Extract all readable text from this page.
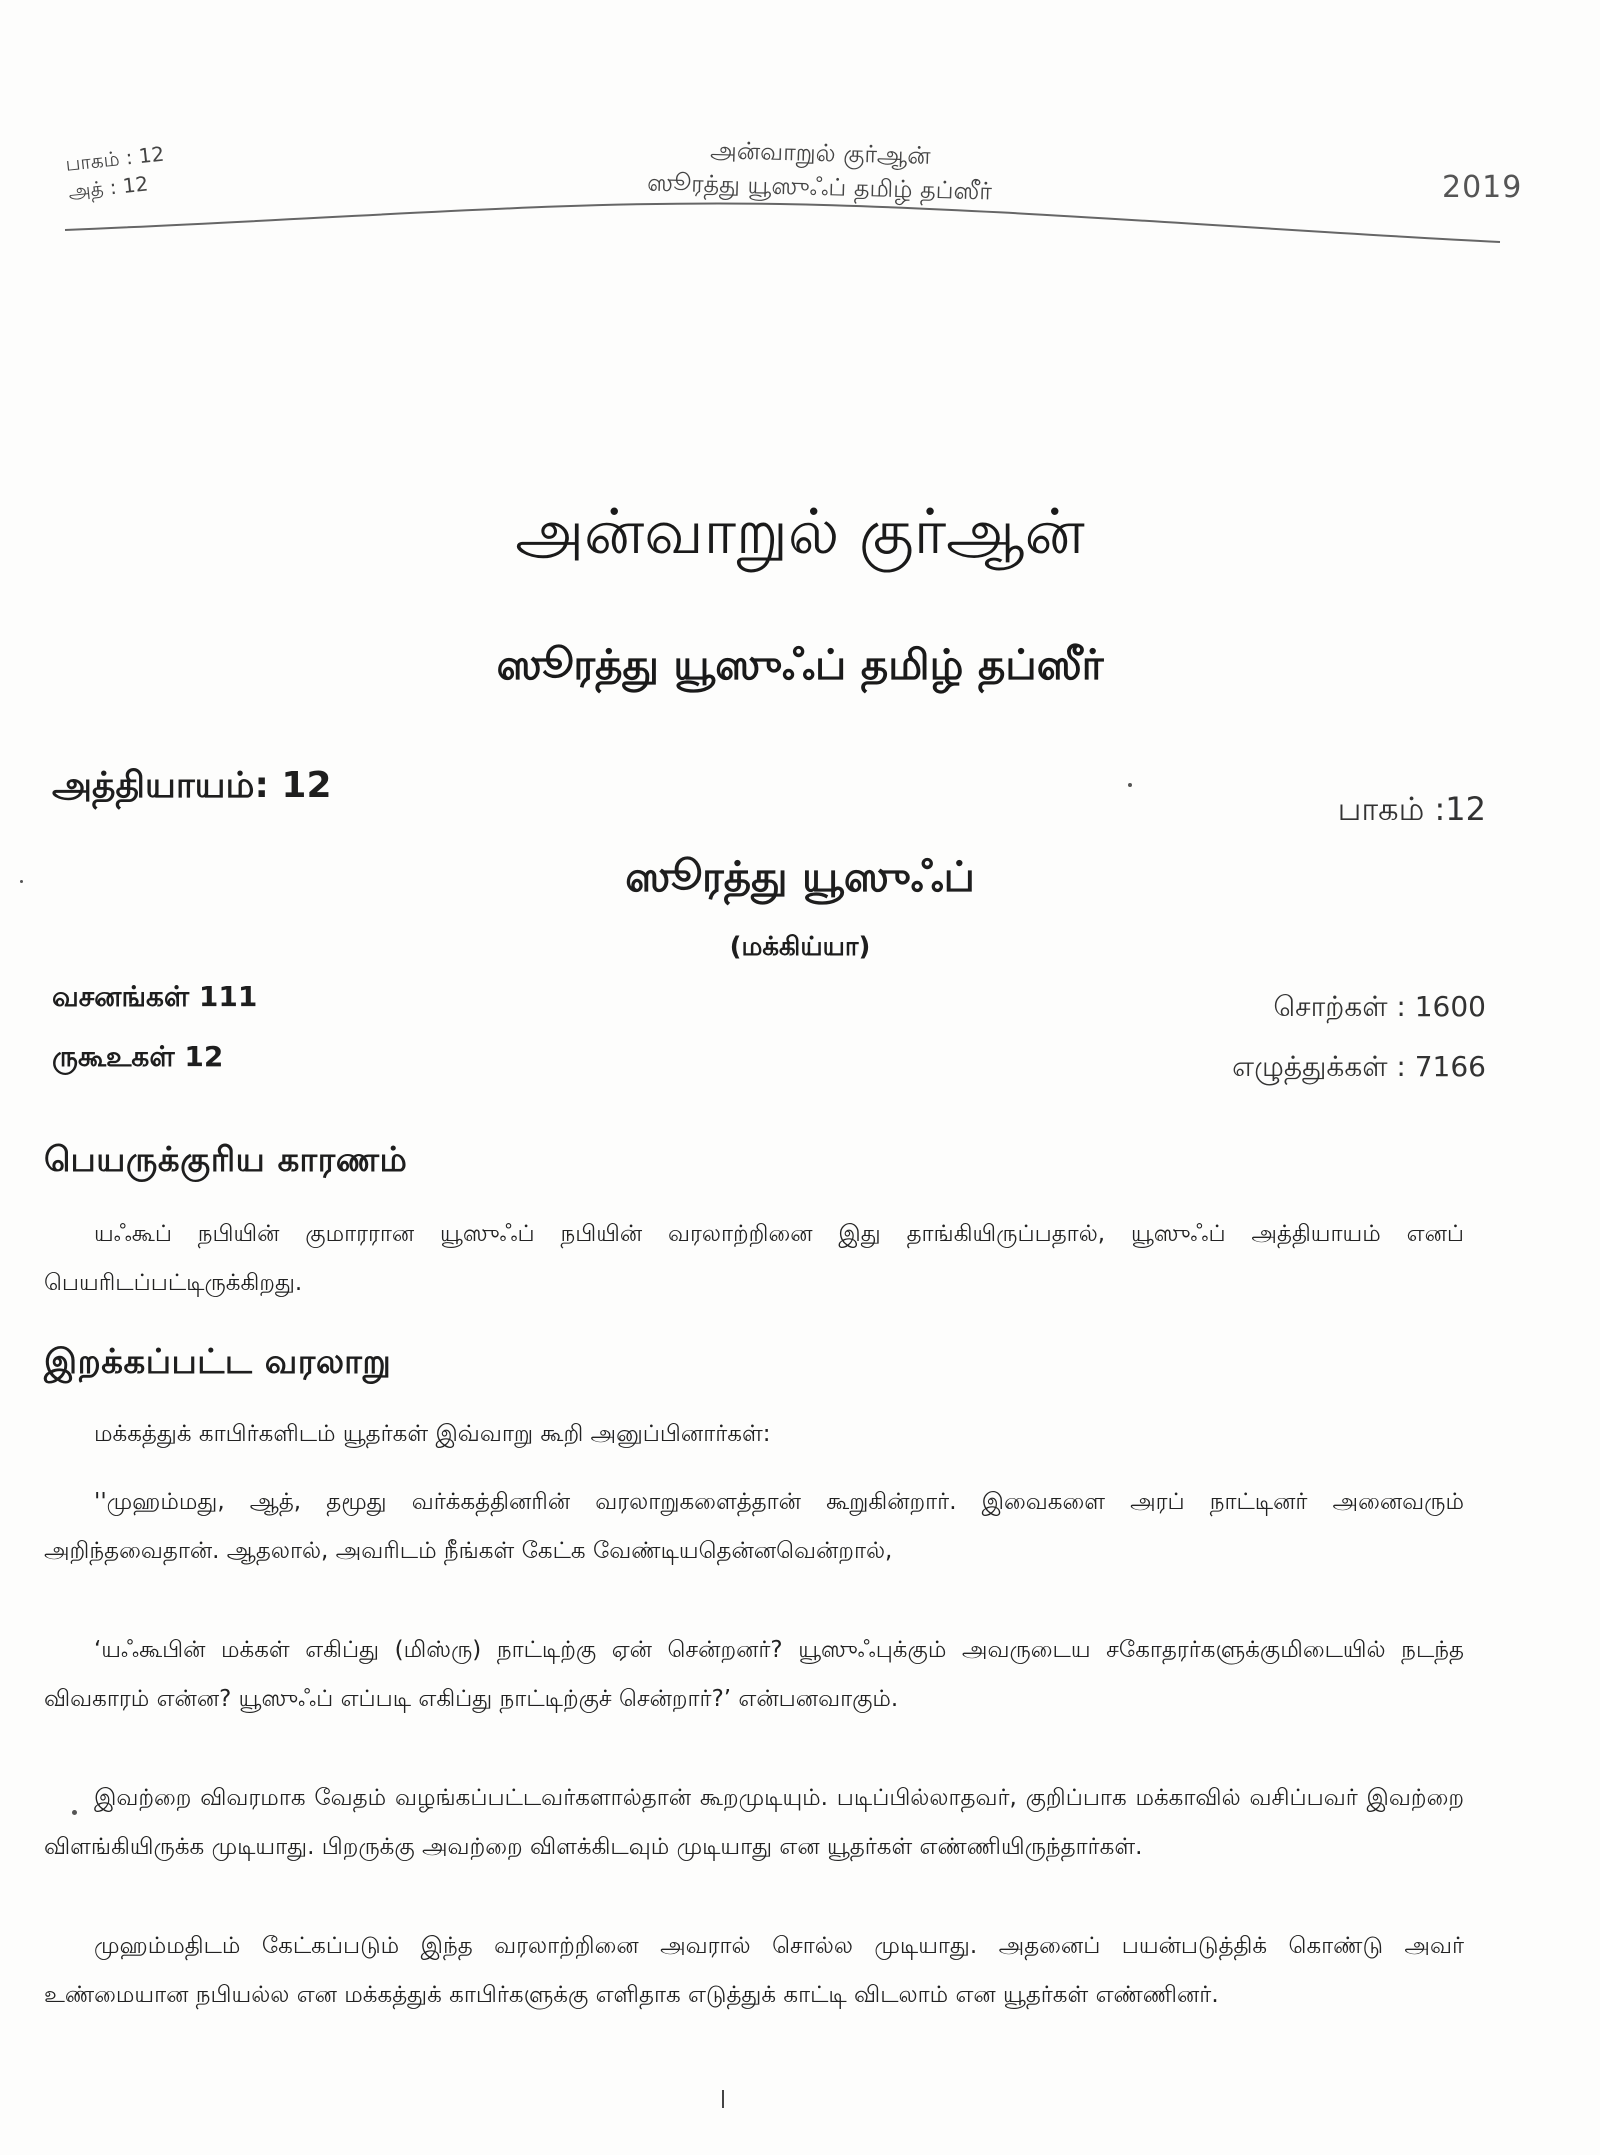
பாகம் : 12
அத் : 12
அன்வாறுல் குர்ஆன்
ஸூரத்து யூஸுஃப் தமிழ் தப்ஸீர்	2019
அன்வாறுல் குர்ஆன்
ஸூரத்து யூஸுஃப் தமிழ் தப்ஸீர்
அத்தியாயம்: 12
பாகம் :12
ஸூரத்து யூஸுஃப்
(மக்கிய்யா)
வசனங்கள் 111
ருகூஉகள் 12
சொற்கள் : 1600
எழுத்துக்கள் : 7166
பெயருக்குரிய காரணம்
யஃகூப் நபியின் குமாரரான யூஸுஃப் நபியின் வரலாற்றினை இது தாங்கியிருப்பதால், யூஸுஃப் அத்தியாயம் எனப் பெயரிடப்பட்டிருக்கிறது.
இறக்கப்பட்ட வரலாறு
மக்கத்துக் காபிர்களிடம் யூதர்கள் இவ்வாறு கூறி அனுப்பினார்கள்:
''முஹம்மது, ஆத், தமூது வர்க்கத்தினரின் வரலாறுகளைத்தான் கூறுகின்றார். இவைகளை அரப் நாட்டினர் அனைவரும் அறிந்தவைதான். ஆதலால், அவரிடம் நீங்கள் கேட்க வேண்டியதென்னவென்றால்,
‘யஃகூபின் மக்கள் எகிப்து (மிஸ்ரு) நாட்டிற்கு ஏன் சென்றனர்? யூஸுஃபுக்கும் அவருடைய சகோதரர்களுக்குமிடையில் நடந்த விவகாரம் என்ன? யூஸுஃப் எப்படி எகிப்து நாட்டிற்குச் சென்றார்?’ என்பனவாகும்.
இவற்றை விவரமாக வேதம் வழங்கப்பட்டவர்களால்தான் கூறமுடியும். படிப்பில்லாதவர், குறிப்பாக மக்காவில் வசிப்பவர் இவற்றை விளங்கியிருக்க முடியாது. பிறருக்கு அவற்றை விளக்கிடவும் முடியாது என யூதர்கள் எண்ணியிருந்தார்கள்.
முஹம்மதிடம் கேட்கப்படும் இந்த வரலாற்றினை அவரால் சொல்ல முடியாது. அதனைப் பயன்படுத்திக் கொண்டு அவர் உண்மையான நபியல்ல என மக்கத்துக் காபிர்களுக்கு எளிதாக எடுத்துக் காட்டி விடலாம் என யூதர்கள் எண்ணினர்.
